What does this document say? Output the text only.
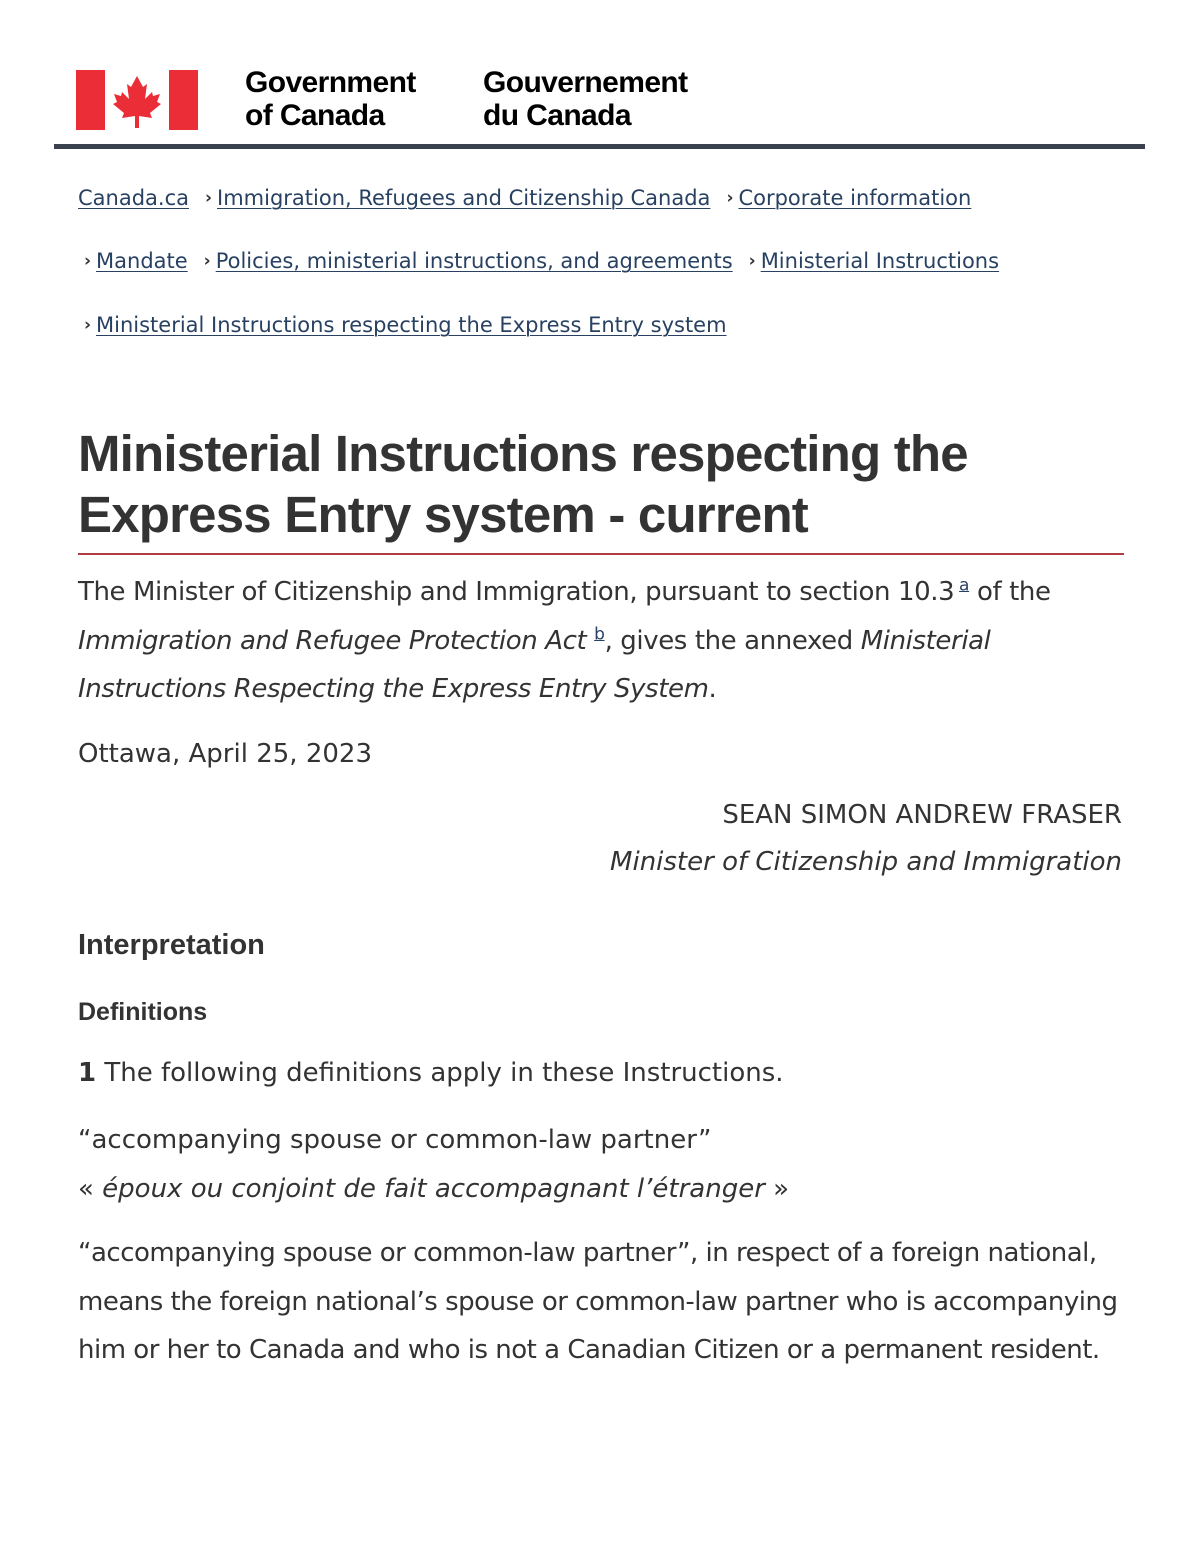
Government
of Canada
Gouvernement
du Canada
Canada.ca › Immigration, Refugees and Citizenship Canada › Corporate information
› Mandate › Policies, ministerial instructions, and agreements › Ministerial Instructions
› Ministerial Instructions respecting the Express Entry system
Ministerial Instructions respecting the Express Entry system - current

The Minister of Citizenship and Immigration, pursuant to section 10.3  $^a$ of the Immigration and Refugee Protection Act $^b$, gives the annexed Ministerial Instructions Respecting the Express Entry System.

Ottawa, April 25, 2023

SEAN SIMON ANDREW FRASER

Minister of Citizenship and Immigration

Interpretation
Definitions

1 The following definitions apply in these Instructions.

“accompanying spouse or common-law partner”
« époux ou conjoint de fait accompagnant l’étranger »

“accompanying spouse or common-law partner”, in respect of a foreign national, means the foreign national’s spouse or common-law partner who is accompanying him or her to Canada and who is not a Canadian Citizen or a permanent resident.
